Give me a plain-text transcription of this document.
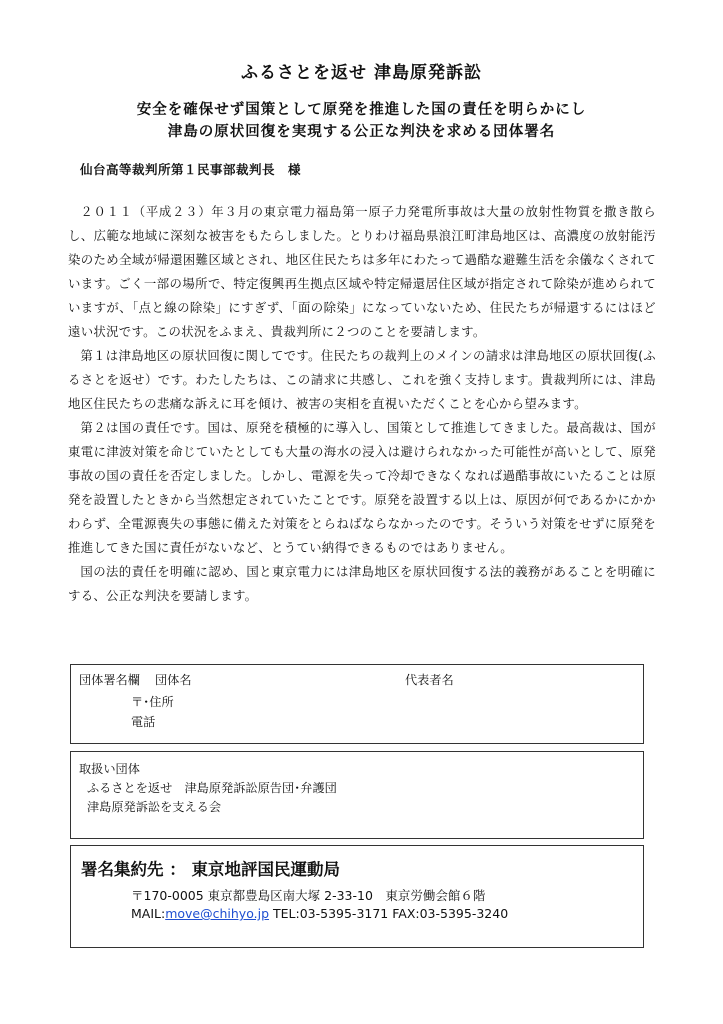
ふるさとを返せ 津島原発訴訟
安全を確保せず国策として原発を推進した国の責任を明らかにし
津島の原状回復を実現する公正な判決を求める団体署名
仙台高等裁判所第１民事部裁判長　様

２０１１（平成２３）年３月の東京電力福島第一原子力発電所事故は大量の放射性物質を撒き散らし、広範な地域に深刻な被害をもたらしました。とりわけ福島県浪江町津島地区は、高濃度の放射能汚染のため全域が帰還困難区域とされ、地区住民たちは多年にわたって過酷な避難生活を余儀なくされています。ごく一部の場所で、特定復興再生拠点区域や特定帰還居住区域が指定されて除染が進められていますが、「点と線の除染」にすぎず、「面の除染」になっていないため、住民たちが帰還するにはほど遠い状況です。この状況をふまえ、貴裁判所に２つのことを要請します。

第１は津島地区の原状回復に関してです。住民たちの裁判上のメインの請求は津島地区の原状回復(ふるさとを返せ）です。わたしたちは、この請求に共感し、これを強く支持します。貴裁判所には、津島地区住民たちの悲痛な訴えに耳を傾け、被害の実相を直視いただくことを心から望みます。

第２は国の責任です。国は、原発を積極的に導入し、国策として推進してきました。最高裁は、国が東電に津波対策を命じていたとしても大量の海水の浸入は避けられなかった可能性が高いとして、原発事故の国の責任を否定しました。しかし、電源を失って冷却できなくなれば過酷事故にいたることは原発を設置したときから当然想定されていたことです。原発を設置する以上は、原因が何であるかにかかわらず、全電源喪失の事態に備えた対策をとらねばならなかったのです。そういう対策をせずに原発を推進してきた国に責任がないなど、とうてい納得できるものではありません。

国の法的責任を明確に認め、国と東京電力には津島地区を原状回復する法的義務があることを明確にする、公正な判決を要請します。

団体署名欄 団体名	代表者名
〒･住所
電話
取扱い団体
ふるさとを返せ　津島原発訴訟原告団･弁護団
津島原発訴訟を支える会
署名集約先 ： 東京地評国民運動局
〒170-0005 東京都豊島区南大塚 2-33-10　東京労働会館６階
MAIL:move@chihyo.jp TEL:03-5395-3171 FAX:03-5395-3240
